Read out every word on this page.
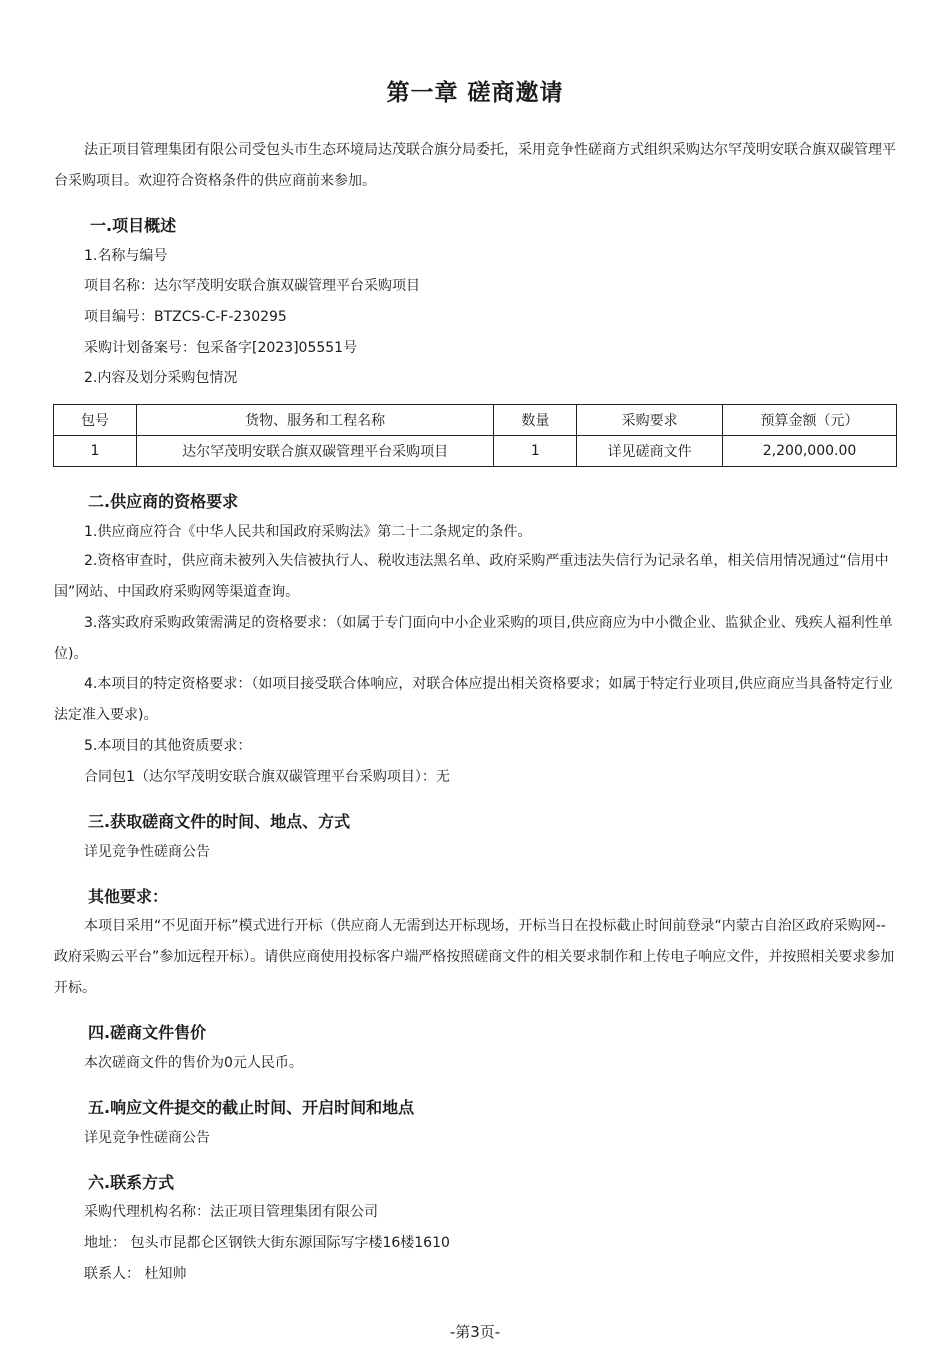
第一章 磋商邀请

法正项目管理集团有限公司受包头市生态环境局达茂联合旗分局委托，采用竞争性磋商方式组织采购达尔罕茂明安联合旗双碳管理平台采购项目。欢迎符合资格条件的供应商前来参加。

一.项目概述

1.名称与编号

项目名称：达尔罕茂明安联合旗双碳管理平台采购项目

项目编号：BTZCS-C-F-230295

采购计划备案号：包采备字[2023]05551号

2.内容及划分采购包情况

包号	货物、服务和工程名称	数量	采购要求	预算金额（元）
1	达尔罕茂明安联合旗双碳管理平台采购项目	1	详见磋商文件	2,200,000.00
二.供应商的资格要求

1.供应商应符合《中华人民共和国政府采购法》第二十二条规定的条件。

2.资格审查时，供应商未被列入失信被执行人、税收违法黑名单、政府采购严重违法失信行为记录名单，相关信用情况通过“信用中国”网站、中国政府采购网等渠道查询。

3.落实政府采购政策需满足的资格要求：（如属于专门面向中小企业采购的项目,供应商应为中小微企业、监狱企业、残疾人福利性单位)。

4.本项目的特定资格要求：（如项目接受联合体响应，对联合体应提出相关资格要求；如属于特定行业项目,供应商应当具备特定行业法定准入要求)。

5.本项目的其他资质要求：

合同包1（达尔罕茂明安联合旗双碳管理平台采购项目）：无

三.获取磋商文件的时间、地点、方式

详见竞争性磋商公告

其他要求：

本项目采用“不见面开标”模式进行开标（供应商人无需到达开标现场，开标当日在投标截止时间前登录“内蒙古自治区政府采购网--政府采购云平台”参加远程开标）。请供应商使用投标客户端严格按照磋商文件的相关要求制作和上传电子响应文件，并按照相关要求参加开标。

四.磋商文件售价

本次磋商文件的售价为0元人民币。

五.响应文件提交的截止时间、开启时间和地点

详见竞争性磋商公告

六.联系方式

采购代理机构名称：法正项目管理集团有限公司

地址： 包头市昆都仑区钢铁大街东源国际写字楼16楼1610

联系人： 杜知帅

-第3页-
